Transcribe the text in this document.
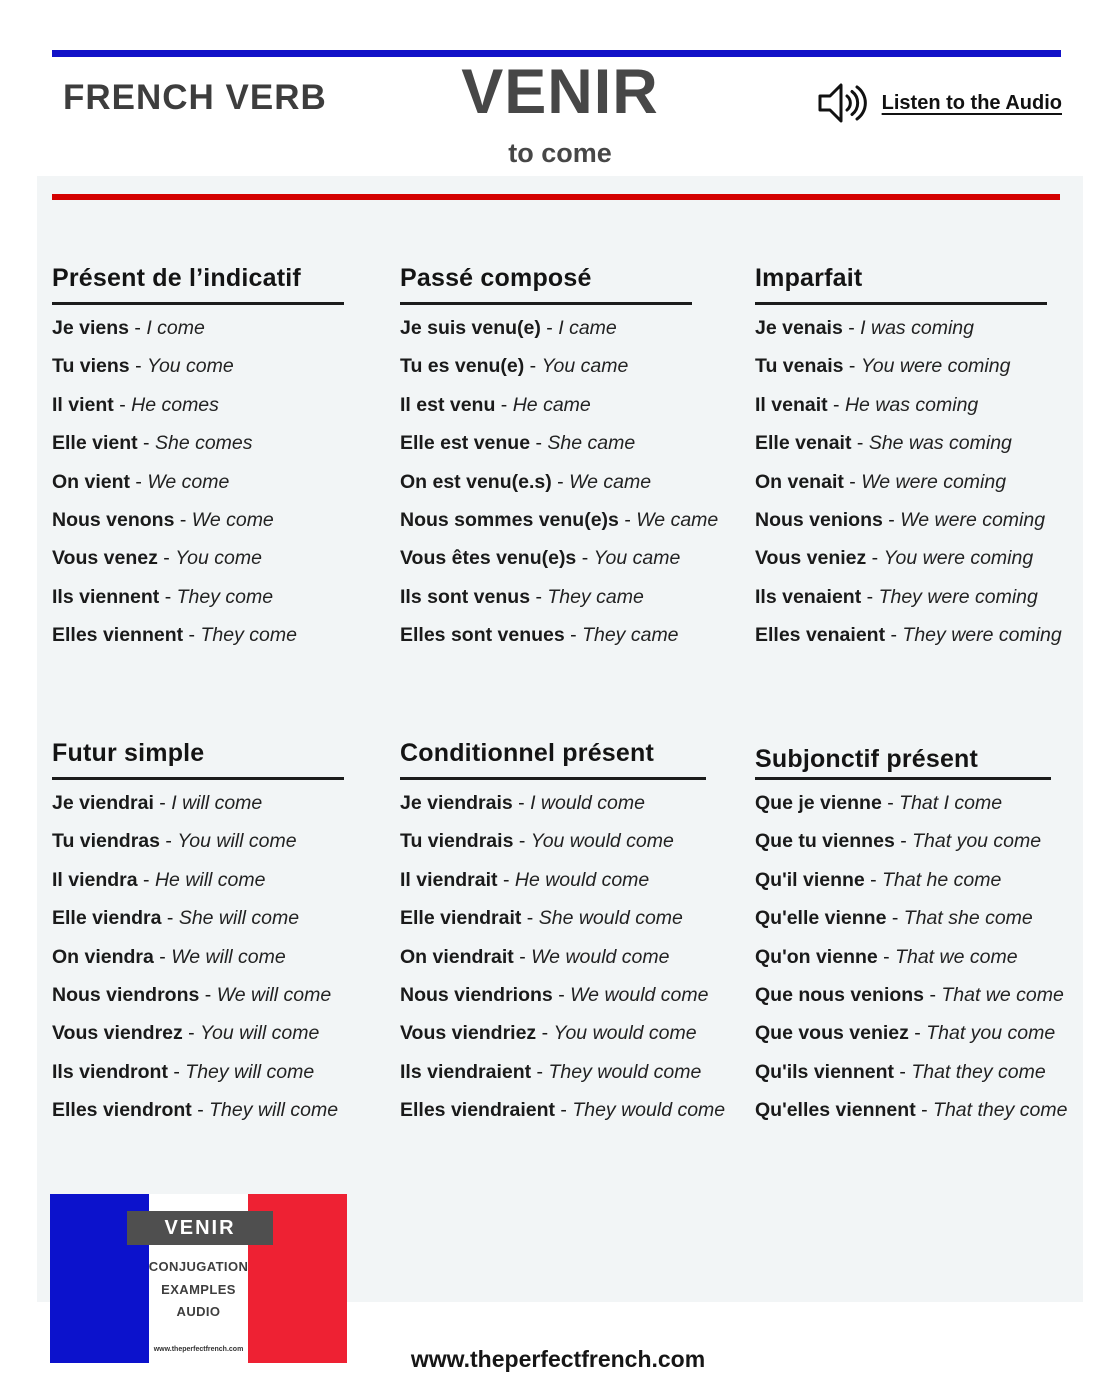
FRENCH VERB VENIR
to come
Listen to the Audio
Présent de l’indicatif
Je viens - I come
Tu viens - You come
Il vient - He comes
Elle vient - She comes
On vient - We come
Nous venons - We come
Vous venez - You come
Ils viennent - They come
Elles viennent - They come
Passé composé
Je suis venu(e) - I came
Tu es venu(e) - You came
Il est venu - He came
Elle est venue - She came
On est venu(e.s) - We came
Nous sommes venu(e)s - We came
Vous êtes venu(e)s - You came
Ils sont venus - They came
Elles sont venues - They came
Imparfait
Je venais - I was coming
Tu venais - You were coming
Il venait - He was coming
Elle venait - She was coming
On venait - We were coming
Nous venions - We were coming
Vous veniez - You were coming
Ils venaient - They were coming
Elles venaient - They were coming
Futur simple
Je viendrai - I will come
Tu viendras - You will come
Il viendra - He will come
Elle viendra - She will come
On viendra - We will come
Nous viendrons - We will come
Vous viendrez - You will come
Ils viendront - They will come
Elles viendront - They will come
Conditionnel présent
Je viendrais - I would come
Tu viendrais - You would come
Il viendrait - He would come
Elle viendrait - She would come
On viendrait - We would come
Nous viendrions - We would come
Vous viendriez - You would come
Ils viendraient - They would come
Elles viendraient - They would come
Subjonctif présent
Que je vienne - That I come
Que tu viennes - That you come
Qu'il vienne - That he come
Qu'elle vienne - That she come
Qu'on vienne - That we come
Que nous venions - That we come
Que vous veniez - That you come
Qu'ils viennent - That they come
Qu'elles viennent - That they come
VENIR
CONJUGATION
EXAMPLES
AUDIO
www.theperfectfrench.com	www.theperfectfrench.com
